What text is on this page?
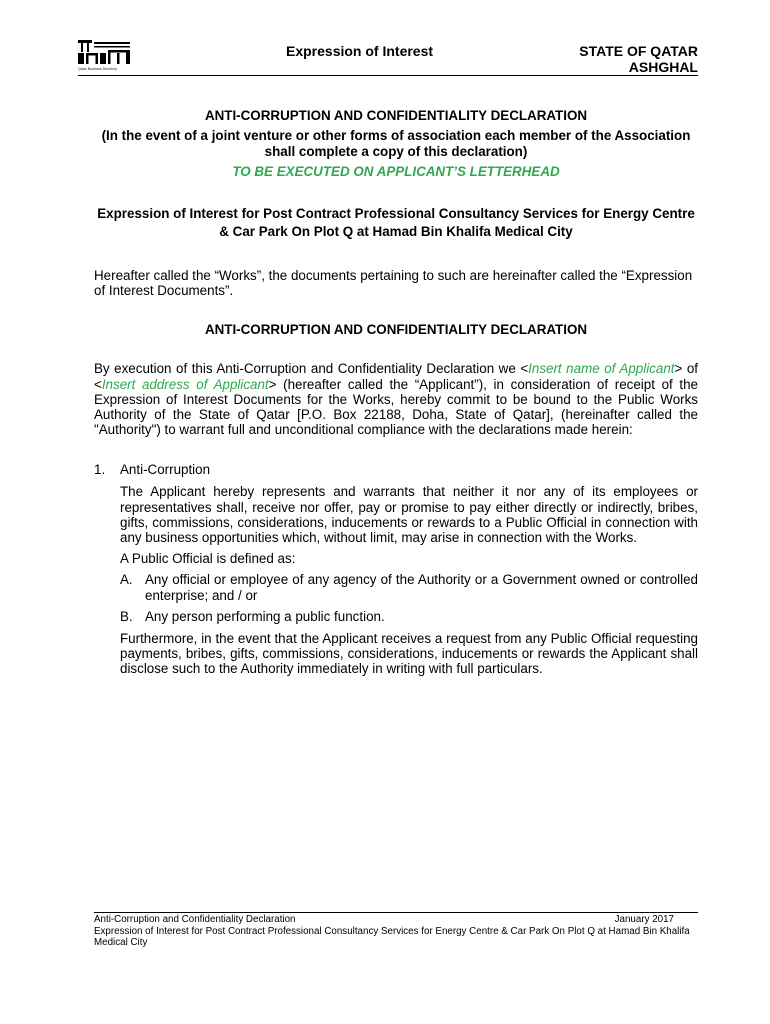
Qatar Business Directory
Expression of Interest	STATE OF QATAR
ASHGHAL

ANTI-CORRUPTION AND CONFIDENTIALITY DECLARATION

(In the event of a joint venture or other forms of association each member of the Association shall complete a copy of this declaration)

TO BE EXECUTED ON APPLICANT’S LETTERHEAD

Expression of Interest for Post Contract Professional Consultancy Services for Energy Centre & Car Park On Plot Q at Hamad Bin Khalifa Medical City

Hereafter called the “Works”, the documents pertaining to such are hereinafter called the “Expression of Interest Documents”.

ANTI-CORRUPTION AND CONFIDENTIALITY DECLARATION

By execution of this Anti-Corruption and Confidentiality Declaration we <Insert name of Applicant> of <Insert address of Applicant> (hereafter called the “Applicant”), in consideration of receipt of the Expression of Interest Documents for the Works, hereby commit to be bound to the Public Works Authority of the State of Qatar [P.O. Box 22188, Doha, State of Qatar], (hereinafter called the "Authority") to warrant full and unconditional compliance with the declarations made herein:

1. Anti-Corruption

The Applicant hereby represents and warrants that neither it nor any of its employees or representatives shall, receive nor offer, pay or promise to pay either directly or indirectly, bribes, gifts, commissions, considerations, inducements or rewards to a Public Official in connection with any business opportunities which, without limit, may arise in connection with the Works.

A Public Official is defined as:

A. Any official or employee of any agency of the Authority or a Government owned or controlled enterprise; and / or
B. Any person performing a public function.

Furthermore, in the event that the Applicant receives a request from any Public Official requesting payments, bribes, gifts, commissions, considerations, inducements or rewards the Applicant shall disclose such to the Authority immediately in writing with full particulars.

Anti-Corruption and Confidentiality Declaration	January 2017
Expression of Interest for Post Contract Professional Consultancy Services for Energy Centre & Car Park On Plot Q at Hamad Bin Khalifa Medical City
